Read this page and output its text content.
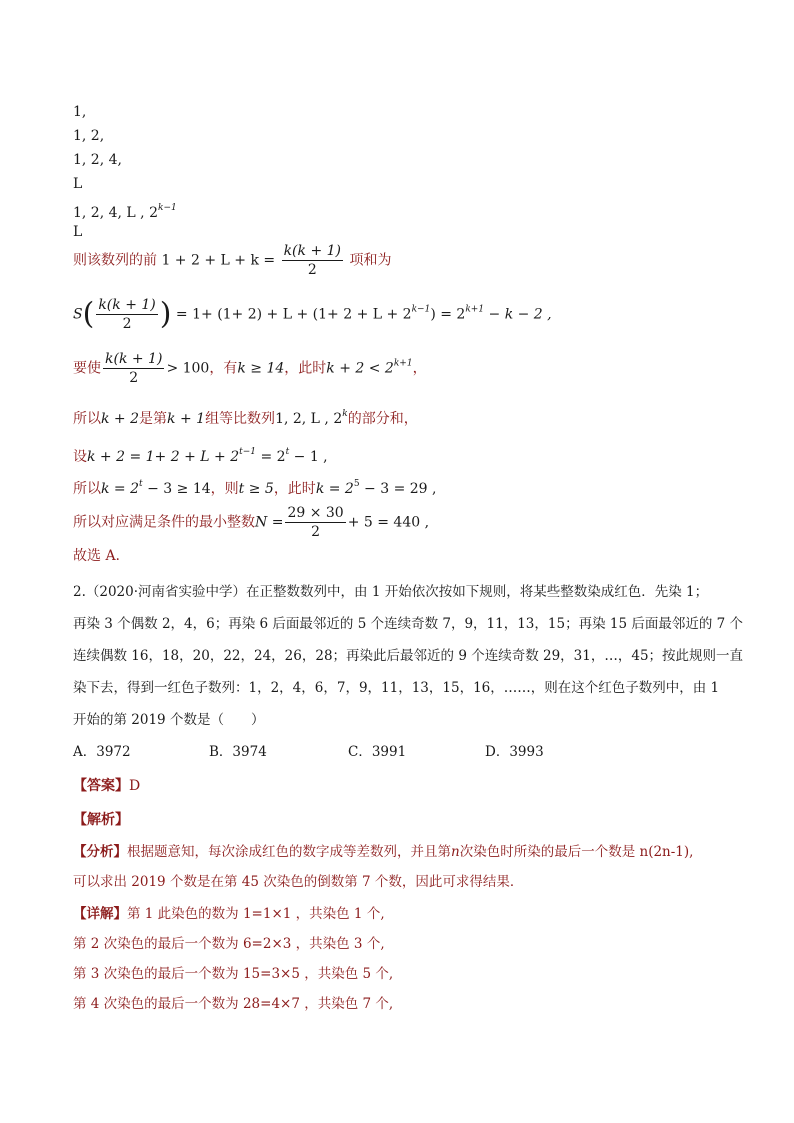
1,
1, 2,
1, 2, 4,
L
1, 2, 4, L , $2^{k-1}$
L
则该数列的前 $1 + 2 + L + k = \frac{k(k + 1)}{2}$ 项和为
$S( \frac{k(k + 1)}{2}$ ) = $1+ (1+ 2) + L + (1+ 2 + L + 2^{k-1}) = 2^{k+1} - k - 2$ ,
要使 $\frac{k(k + 1)}{2} > 100$，有k ≥ 14，此时$k + 2 < 2^{k+1}$，
所以k + 2是第k + 1组等比数列1, 2, L , 2$^k$的部分和，
设$k + 2 = 1+ 2 + L + 2^{t-1} = 2^t - 1$ ,
所以$k = 2^t - 3 \ge 14$，则t ≥ 5，此时$k = 2^5 - 3 = 29$ ,
所以对应满足条件的最小整数$N = \frac{29 \times 30}{2} + 5 = 440$ ,
故选 A.
2.（2020·河南省实验中学）在正整数数列中，由 1 开始依次按如下规则，将某些整数染成红色．先染 1；
再染 3 个偶数 2，4，6；再染 6 后面最邻近的 5 个连续奇数 7，9，11，13，15；再染 15 后面最邻近的 7 个
连续偶数 16，18，20，22，24，26，28；再染此后最邻近的 9 个连续奇数 29，31，…，45；按此规则一直
染下去，得到一红色子数列：1，2，4，6，7，9，11，13，15，16，……，则在这个红色子数列中，由 1
开始的第 2019 个数是（　　）
A．3972	B．3974	C．3991	D．3993
【答案】D
【解析】
【分析】根据题意知，每次涂成红色的数字成等差数列，并且第n次染色时所染的最后一个数是 n(2n-1),
可以求出 2019 个数是在第 45 次染色的倒数第 7 个数，因此可求得结果．
【详解】第 1 此染色的数为 1=1×1 ，共染色 1 个,
第 2 次染色的最后一个数为 6=2×3 ，共染色 3 个,
第 3 次染色的最后一个数为 15=3×5 ，共染色 5 个,
第 4 次染色的最后一个数为 28=4×7 ，共染色 7 个,
